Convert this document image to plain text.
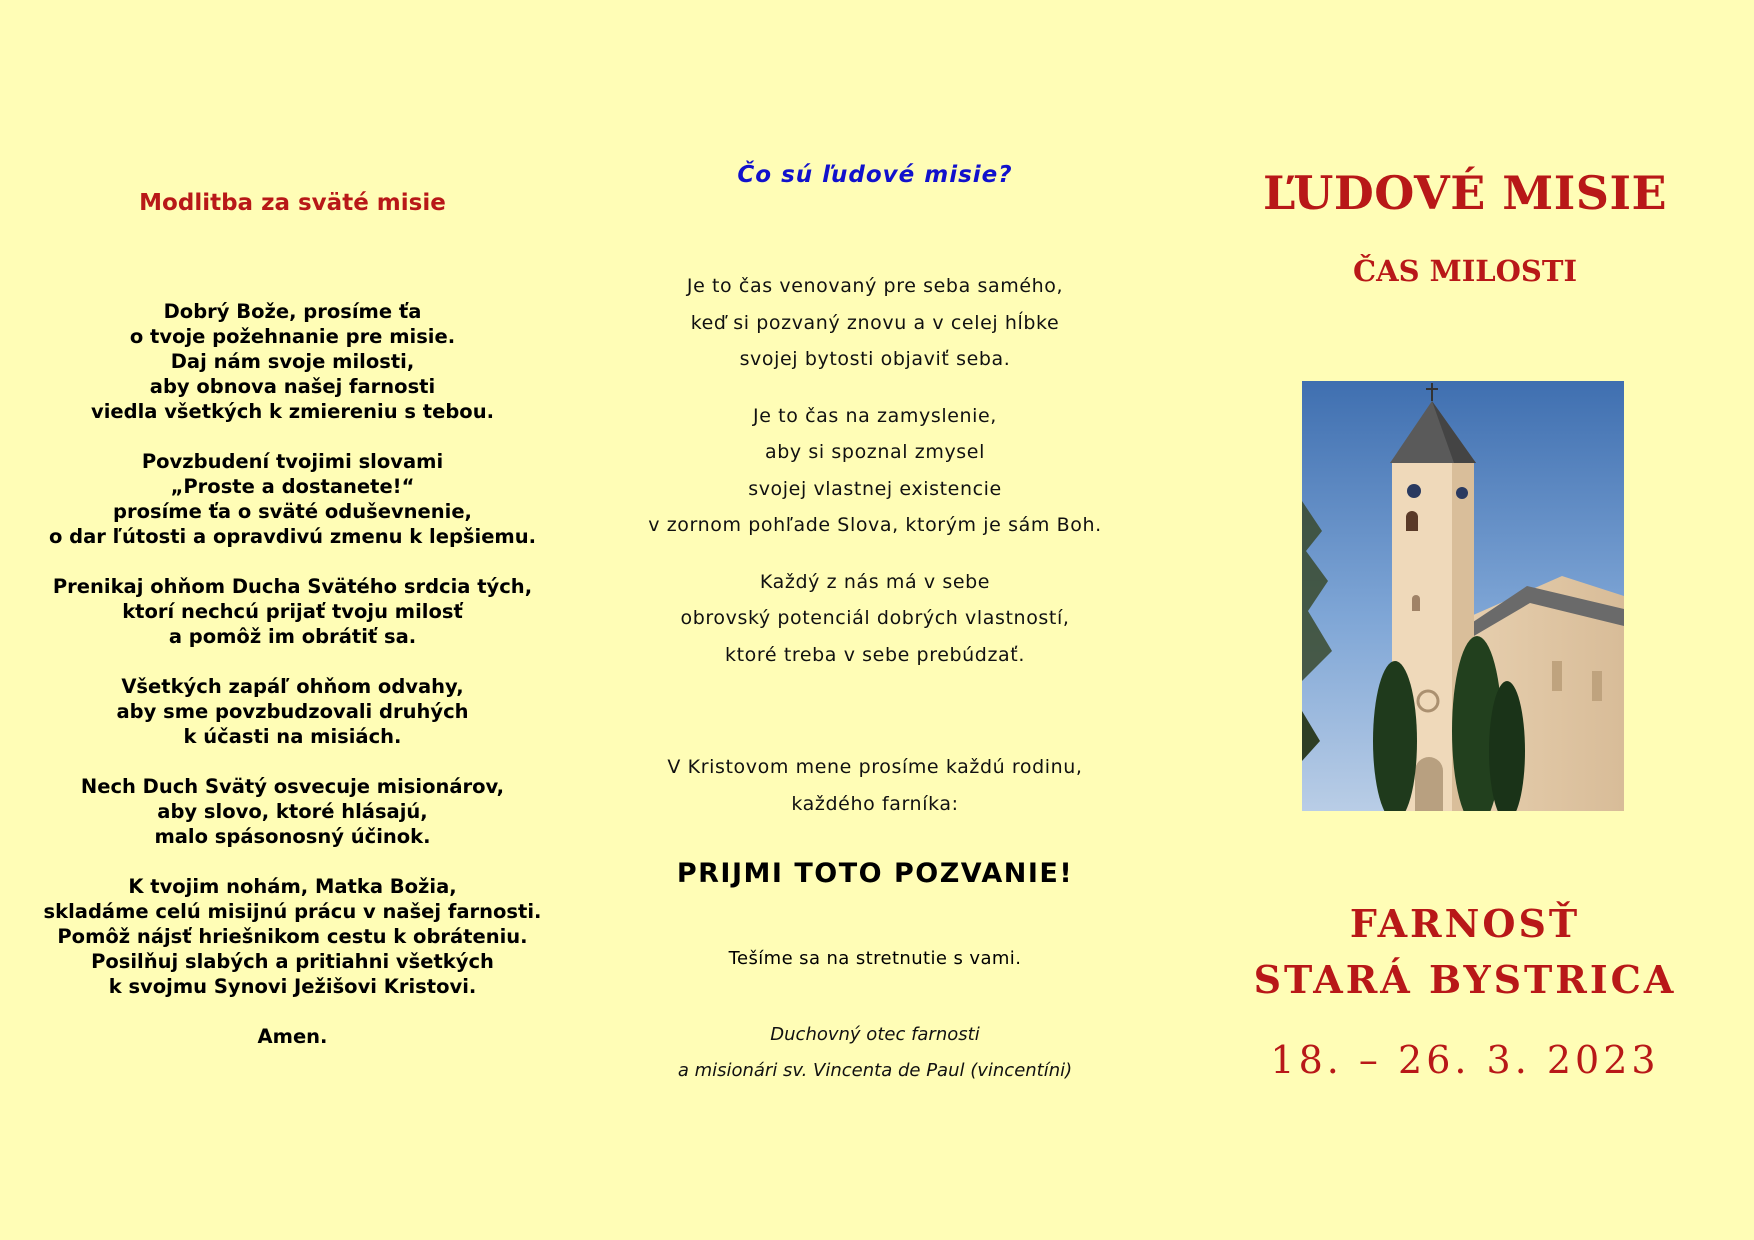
Modlitba za sväté misie
Dobrý Bože, prosíme ťa
o tvoje požehnanie pre misie.
Daj nám svoje milosti,
aby obnova našej farnosti
viedla všetkých k zmiereniu s tebou.
Povzbudení tvojimi slovami
„Proste a dostanete!“
prosíme ťa o sväté oduševnenie,
o dar ľútosti a opravdivú zmenu k lepšiemu.
Prenikaj ohňom Ducha Svätého srdcia tých,
ktorí nechcú prijať tvoju milosť
a pomôž im obrátiť sa.
Všetkých zapáľ ohňom odvahy,
aby sme povzbudzovali druhých
k účasti na misiách.
Nech Duch Svätý osvecuje misionárov,
aby slovo, ktoré hlásajú,
malo spásonosný účinok.
K tvojim nohám, Matka Božia,
skladáme celú misijnú prácu v našej farnosti.
Pomôž nájsť hriešnikom cestu k obráteniu.
Posilňuj slabých a pritiahni všetkých
k svojmu Synovi Ježišovi Kristovi.
Amen.
Čo sú ľudové misie?
Je to čas venovaný pre seba samého,
keď si pozvaný znovu a v celej hĺbke
svojej bytosti objaviť seba.
Je to čas na zamyslenie,
aby si spoznal zmysel
svojej vlastnej existencie
v zornom pohľade Slova, ktorým je sám Boh.
Každý z nás má v sebe
obrovský potenciál dobrých vlastností,
ktoré treba v sebe prebúdzať.
V Kristovom mene prosíme každú rodinu,
každého farníka:
PRIJMI TOTO POZVANIE!
Tešíme sa na stretnutie s vami.
Duchovný otec farnosti
a misionári sv. Vincenta de Paul (vincentíni)
ĽUDOVÉ MISIE
ČAS MILOSTI
FARNOSŤ
STARÁ BYSTRICA
18. – 26. 3. 2023
